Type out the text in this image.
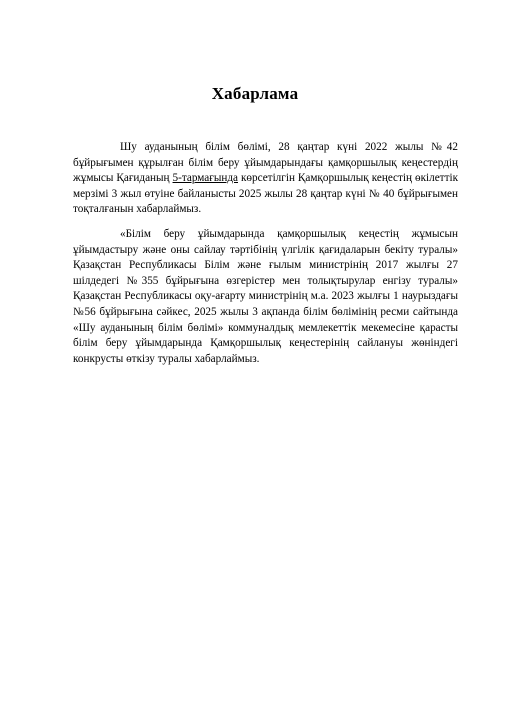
Хабарлама

Шу ауданының білім бөлімі, 28 қаңтар күні 2022 жылы №42 бұйрығымен құрылған білім беру ұйымдарындағы қамқоршылық кеңестердің жұмысы Қағиданың 5-тармағында көрсетілгін Қамқоршылық кеңестің өкілеттік мерзімі 3 жыл өтуіне байланысты 2025 жылы 28 қаңтар күні № 40 бұйрығымен тоқталғанын хабарлаймыз.

«Білім беру ұйымдарында қамқоршылық кеңестің жұмысын ұйымдастыру және оны сайлау тәртібінің үлгілік қағидаларын бекіту туралы» Қазақстан Республикасы Білім және ғылым министрінің 2017 жылғы 27 шілдедегі №355 бұйрығына өзгерістер мен толықтырулар енгізу туралы» Қазақстан Республикасы оқу-ағарту министрінің м.а. 2023 жылғы 1 наурыздағы №56 бұйрығына сәйкес, 2025 жылы 3 ақпанда білім бөлімінің ресми сайтында «Шу ауданының білім бөлімі» коммуналдық мемлекеттік мекемесіне қарасты білім беру ұйымдарында Қамқоршылық кеңестерінің сайлануы жөніндегі конкрусты өткізу туралы хабарлаймыз.
